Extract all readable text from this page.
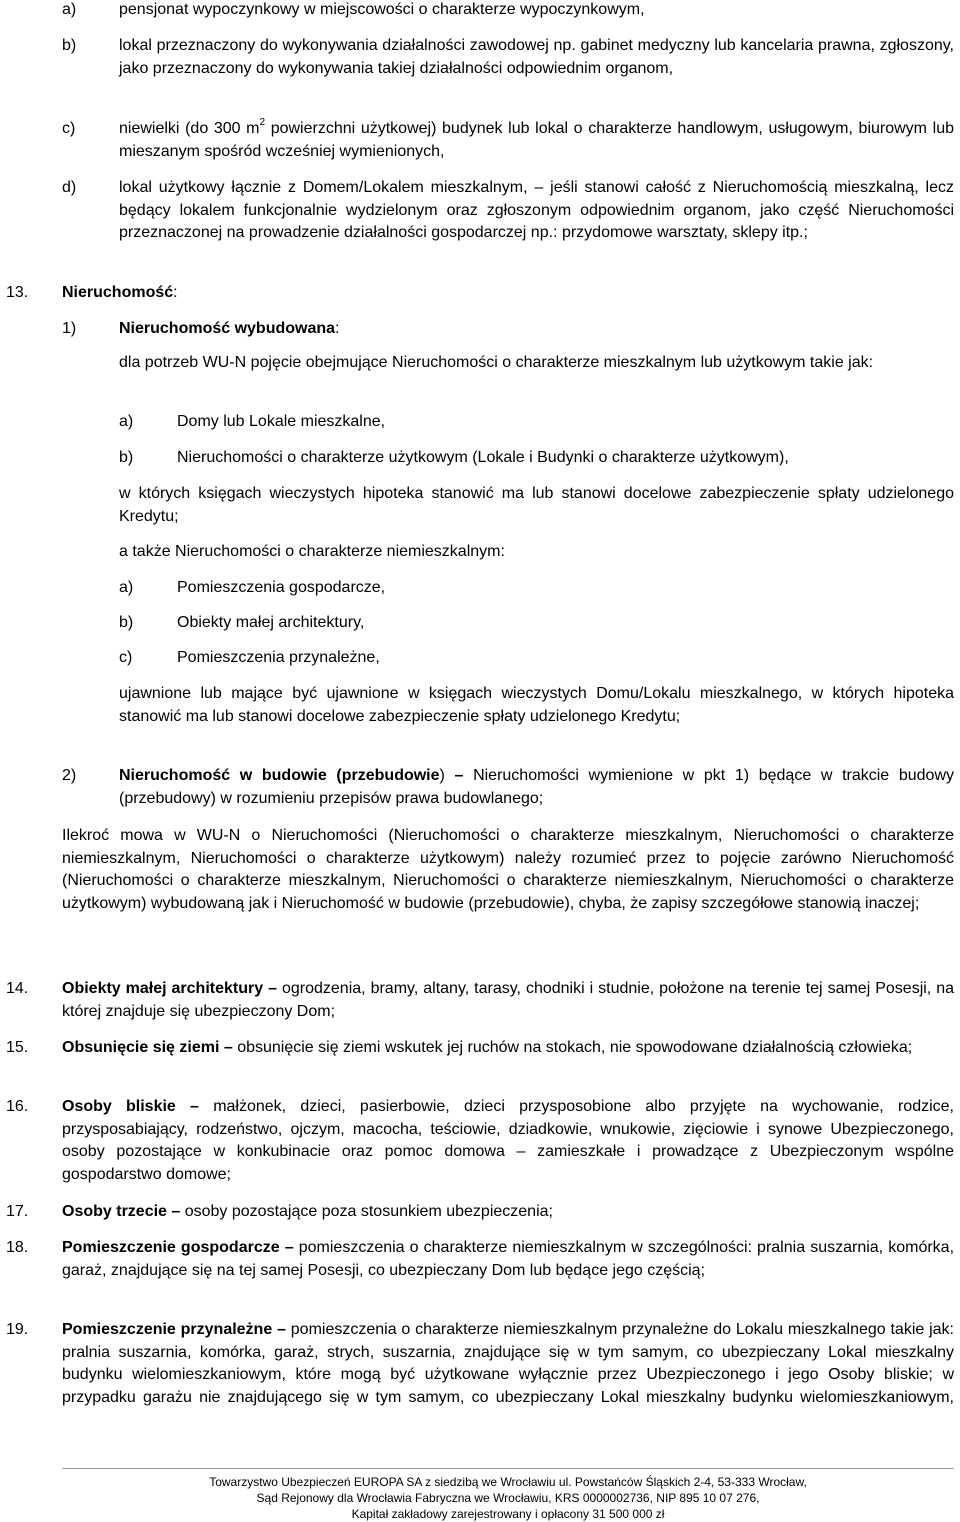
a)	pensjonat wypoczynkowy w miejscowości o charakterze wypoczynkowym,
b)	lokal przeznaczony do wykonywania działalności zawodowej np. gabinet medyczny lub kancelaria prawna, zgłoszony, jako przeznaczony do wykonywania takiej działalności odpowiednim organom,
c)	niewielki (do 300 $m^2$ powierzchni użytkowej) budynek lub lokal o charakterze handlowym, usługowym, biurowym lub mieszanym spośród wcześniej wymienionych,
d)	lokal użytkowy łącznie z Domem/Lokalem mieszkalnym, – jeśli stanowi całość z Nieruchomością mieszkalną, lecz będący lokalem funkcjonalnie wydzielonym oraz zgłoszonym odpowiednim organom, jako część Nieruchomości przeznaczonej na prowadzenie działalności gospodarczej np.: przydomowe warsztaty, sklepy itp.;
13. Nieruchomość:
1)	Nieruchomość wybudowana:
dla potrzeb WU-N pojęcie obejmujące Nieruchomości o charakterze mieszkalnym lub użytkowym takie jak:
a)	Domy lub Lokale mieszkalne,
b)	Nieruchomości o charakterze użytkowym (Lokale i Budynki o charakterze użytkowym),
w których księgach wieczystych hipoteka stanowić ma lub stanowi docelowe zabezpieczenie spłaty udzielonego Kredytu;
a także Nieruchomości o charakterze niemieszkalnym:
a)	Pomieszczenia gospodarcze,
b)	Obiekty małej architektury,
c)	Pomieszczenia przynależne,
ujawnione lub mające być ujawnione w księgach wieczystych Domu/Lokalu mieszkalnego, w których hipoteka stanowić ma lub stanowi docelowe zabezpieczenie spłaty udzielonego Kredytu;
2)	Nieruchomość w budowie (przebudowie) – Nieruchomości wymienione w pkt 1) będące w trakcie budowy (przebudowy) w rozumieniu przepisów prawa budowlanego;
Ilekroć mowa w WU-N o Nieruchomości (Nieruchomości o charakterze mieszkalnym, Nieruchomości o charakterze niemieszkalnym, Nieruchomości o charakterze użytkowym) należy rozumieć przez to pojęcie zarówno Nieruchomość (Nieruchomości o charakterze mieszkalnym, Nieruchomości o charakterze niemieszkalnym, Nieruchomości o charakterze użytkowym) wybudowaną jak i Nieruchomość w budowie (przebudowie), chyba, że zapisy szczegółowe stanowią inaczej;
14. Obiekty małej architektury – ogrodzenia, bramy, altany, tarasy, chodniki i studnie, położone na terenie tej samej Posesji, na której znajduje się ubezpieczony Dom;
15. Obsunięcie się ziemi – obsunięcie się ziemi wskutek jej ruchów na stokach, nie spowodowane działalnością człowieka;
16. Osoby bliskie – małżonek, dzieci, pasierbowie, dzieci przysposobione albo przyjęte na wychowanie, rodzice, przysposabiający, rodzeństwo, ojczym, macocha, teściowie, dziadkowie, wnukowie, zięciowie i synowe Ubezpieczonego, osoby pozostające w konkubinacie oraz pomoc domowa – zamieszkałe i prowadzące z Ubezpieczonym wspólne gospodarstwo domowe;
17. Osoby trzecie – osoby pozostające poza stosunkiem ubezpieczenia;
18. Pomieszczenie gospodarcze – pomieszczenia o charakterze niemieszkalnym w szczególności: pralnia suszarnia, komórka, garaż, znajdujące się na tej samej Posesji, co ubezpieczany Dom lub będące jego częścią;
19. Pomieszczenie przynależne – pomieszczenia o charakterze niemieszkalnym przynależne do Lokalu mieszkalnego takie jak: pralnia suszarnia, komórka, garaż, strych, suszarnia, znajdujące się w tym samym, co ubezpieczany Lokal mieszkalny budynku wielomieszkaniowym, które mogą być użytkowane wyłącznie przez Ubezpieczonego i jego Osoby bliskie; w przypadku garażu nie znajdującego się w tym samym, co ubezpieczany Lokal mieszkalny budynku wielomieszkaniowym,
Towarzystwo Ubezpieczeń EUROPA SA z siedzibą we Wrocławiu ul. Powstańców Śląskich 2-4, 53-333 Wrocław,
Sąd Rejonowy dla Wrocławia Fabryczna we Wrocławiu, KRS 0000002736, NIP 895 10 07 276,
Kapitał zakładowy zarejestrowany i opłacony 31 500 000 zł
